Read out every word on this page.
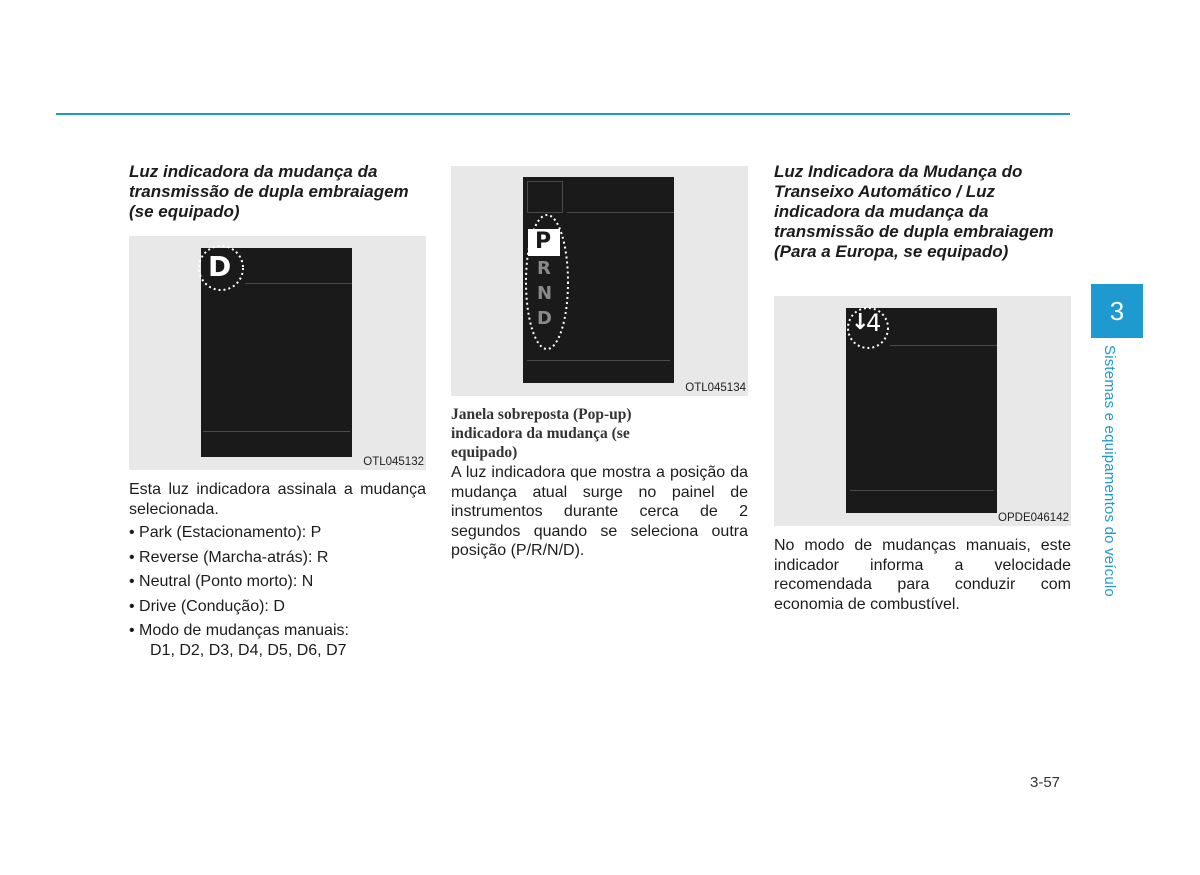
Luz indicadora da mudança da transmissão de dupla embraiagem (se equipado)

D
OTL045132

Esta luz indicadora assinala a mudança selecionada.

• Park (Estacionamento): P
• Reverse (Marcha-atrás): R
• Neutral (Ponto morto): N
• Drive (Condução): D
• Modo de mudanças manuais:
D1, D2, D3, D4, D5, D6, D7
P
R
N
D
OTL045134

Janela sobreposta (Pop-up) indicadora da mudança (se equipado)

A luz indicadora que mostra a posição da mudança atual surge no painel de instrumentos durante cerca de 2 segundos quando se seleciona outra posição (P/R/N/D).

Luz Indicadora da Mudança do Transeixo Automático / Luz indicadora da mudança da transmissão de dupla embraiagem (Para a Europa, se equipado)

↓
4
OPDE046142

No modo de mudanças manuais, este indicador informa a velocidade recomendada para conduzir com economia de combustível.

3
Sistemas e equipamentos do veículo
3-57
